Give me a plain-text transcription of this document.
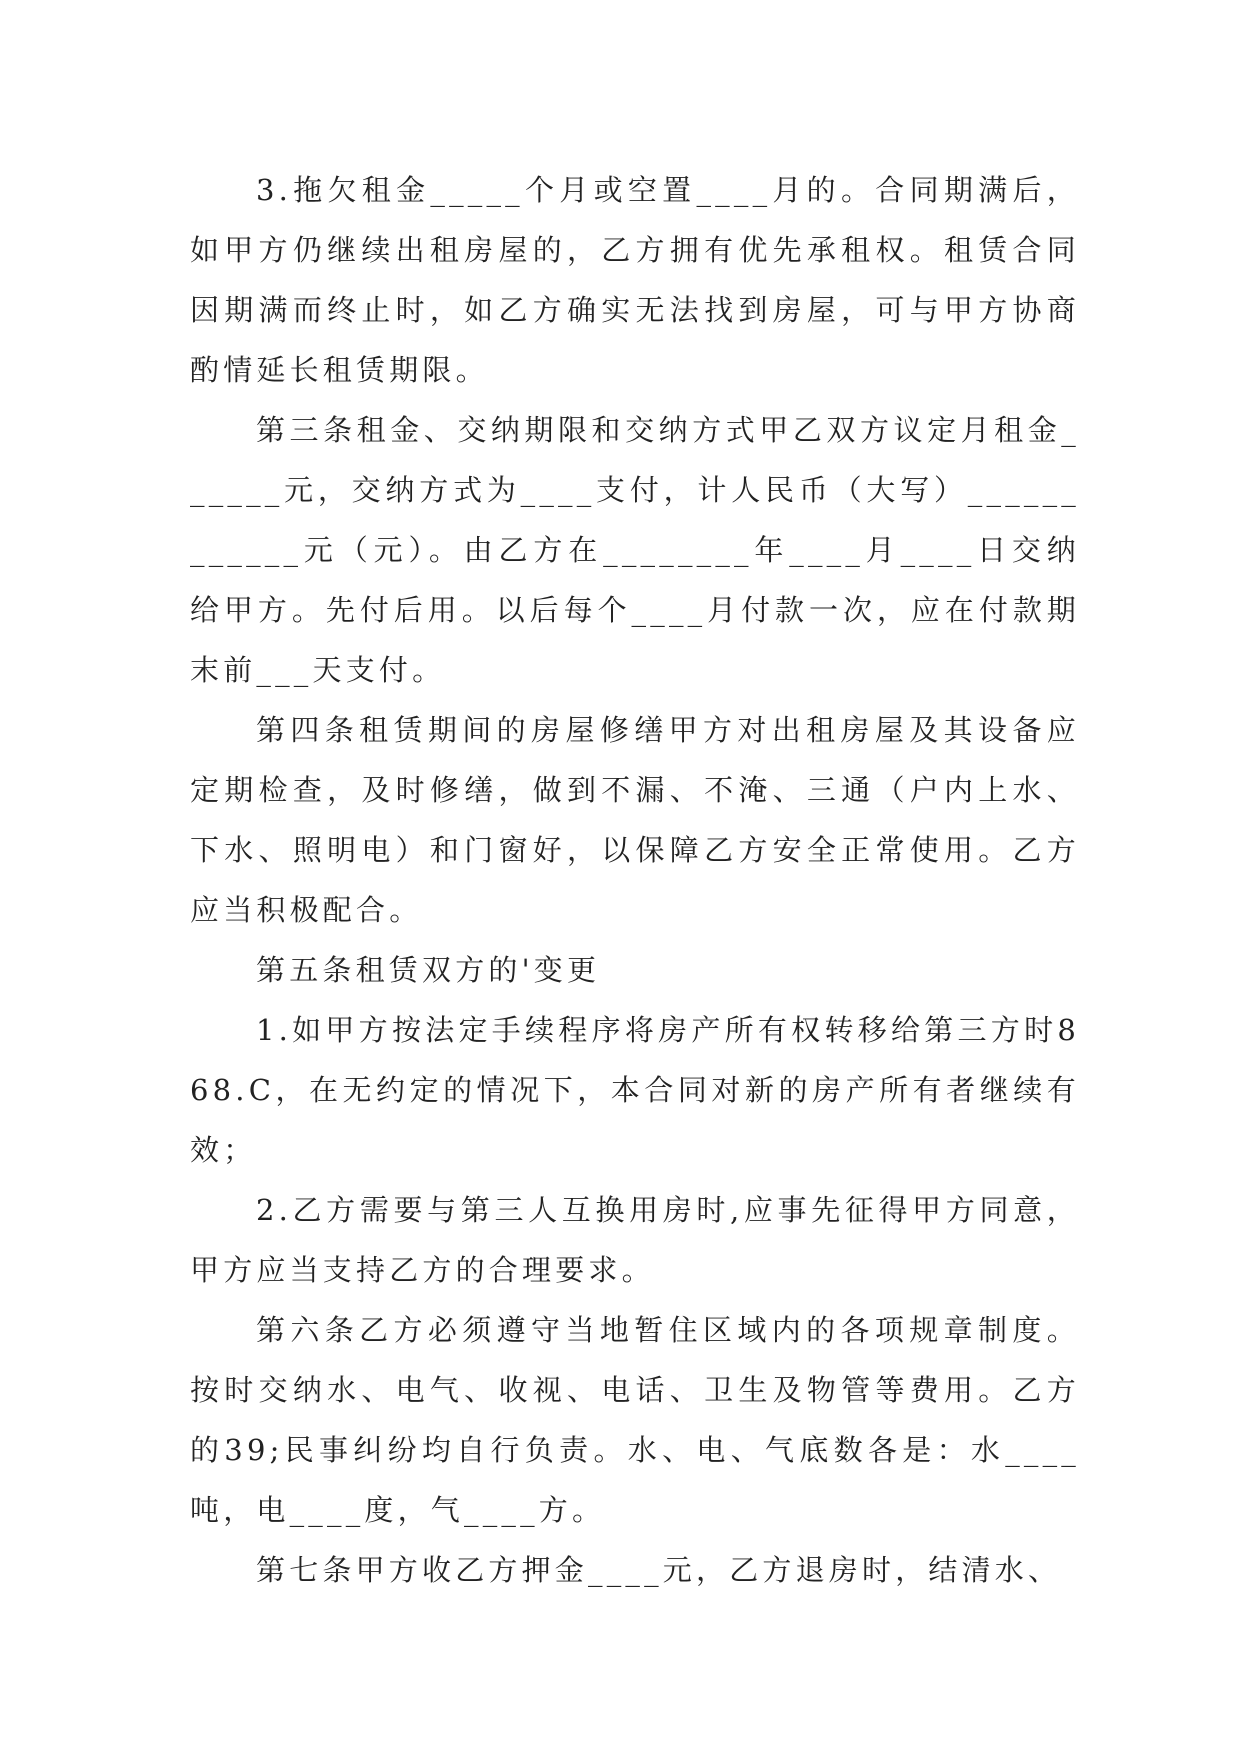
3.拖欠租金_____个月或空置____月的。合同期满后，如甲方仍继续出租房屋的，乙方拥有优先承租权。租赁合同因期满而终止时，如乙方确实无法找到房屋，可与甲方协商酌情延长租赁期限。

第三条租金、交纳期限和交纳方式甲乙双方议定月租金______元，交纳方式为____支付，计人民币（大写）____________元（元）。由乙方在________年____月____日交纳给甲方。先付后用。以后每个____月付款一次，应在付款期末前___天支付。

第四条租赁期间的房屋修缮甲方对出租房屋及其设备应定期检查，及时修缮，做到不漏、不淹、三通（户内上水、下水、照明电）和门窗好，以保障乙方安全正常使用。乙方应当积极配合。

第五条租赁双方的'变更

1.如甲方按法定手续程序将房产所有权转移给第三方时868.C，在无约定的情况下，本合同对新的房产所有者继续有效；

2.乙方需要与第三人互换用房时,应事先征得甲方同意，甲方应当支持乙方的合理要求。

第六条乙方必须遵守当地暂住区域内的各项规章制度。按时交纳水、电气、收视、电话、卫生及物管等费用。乙方的39;民事纠纷均自行负责。水、电、气底数各是：水____吨，电____度，气____方。

第七条甲方收乙方押金____元，乙方退房时，结清水、
